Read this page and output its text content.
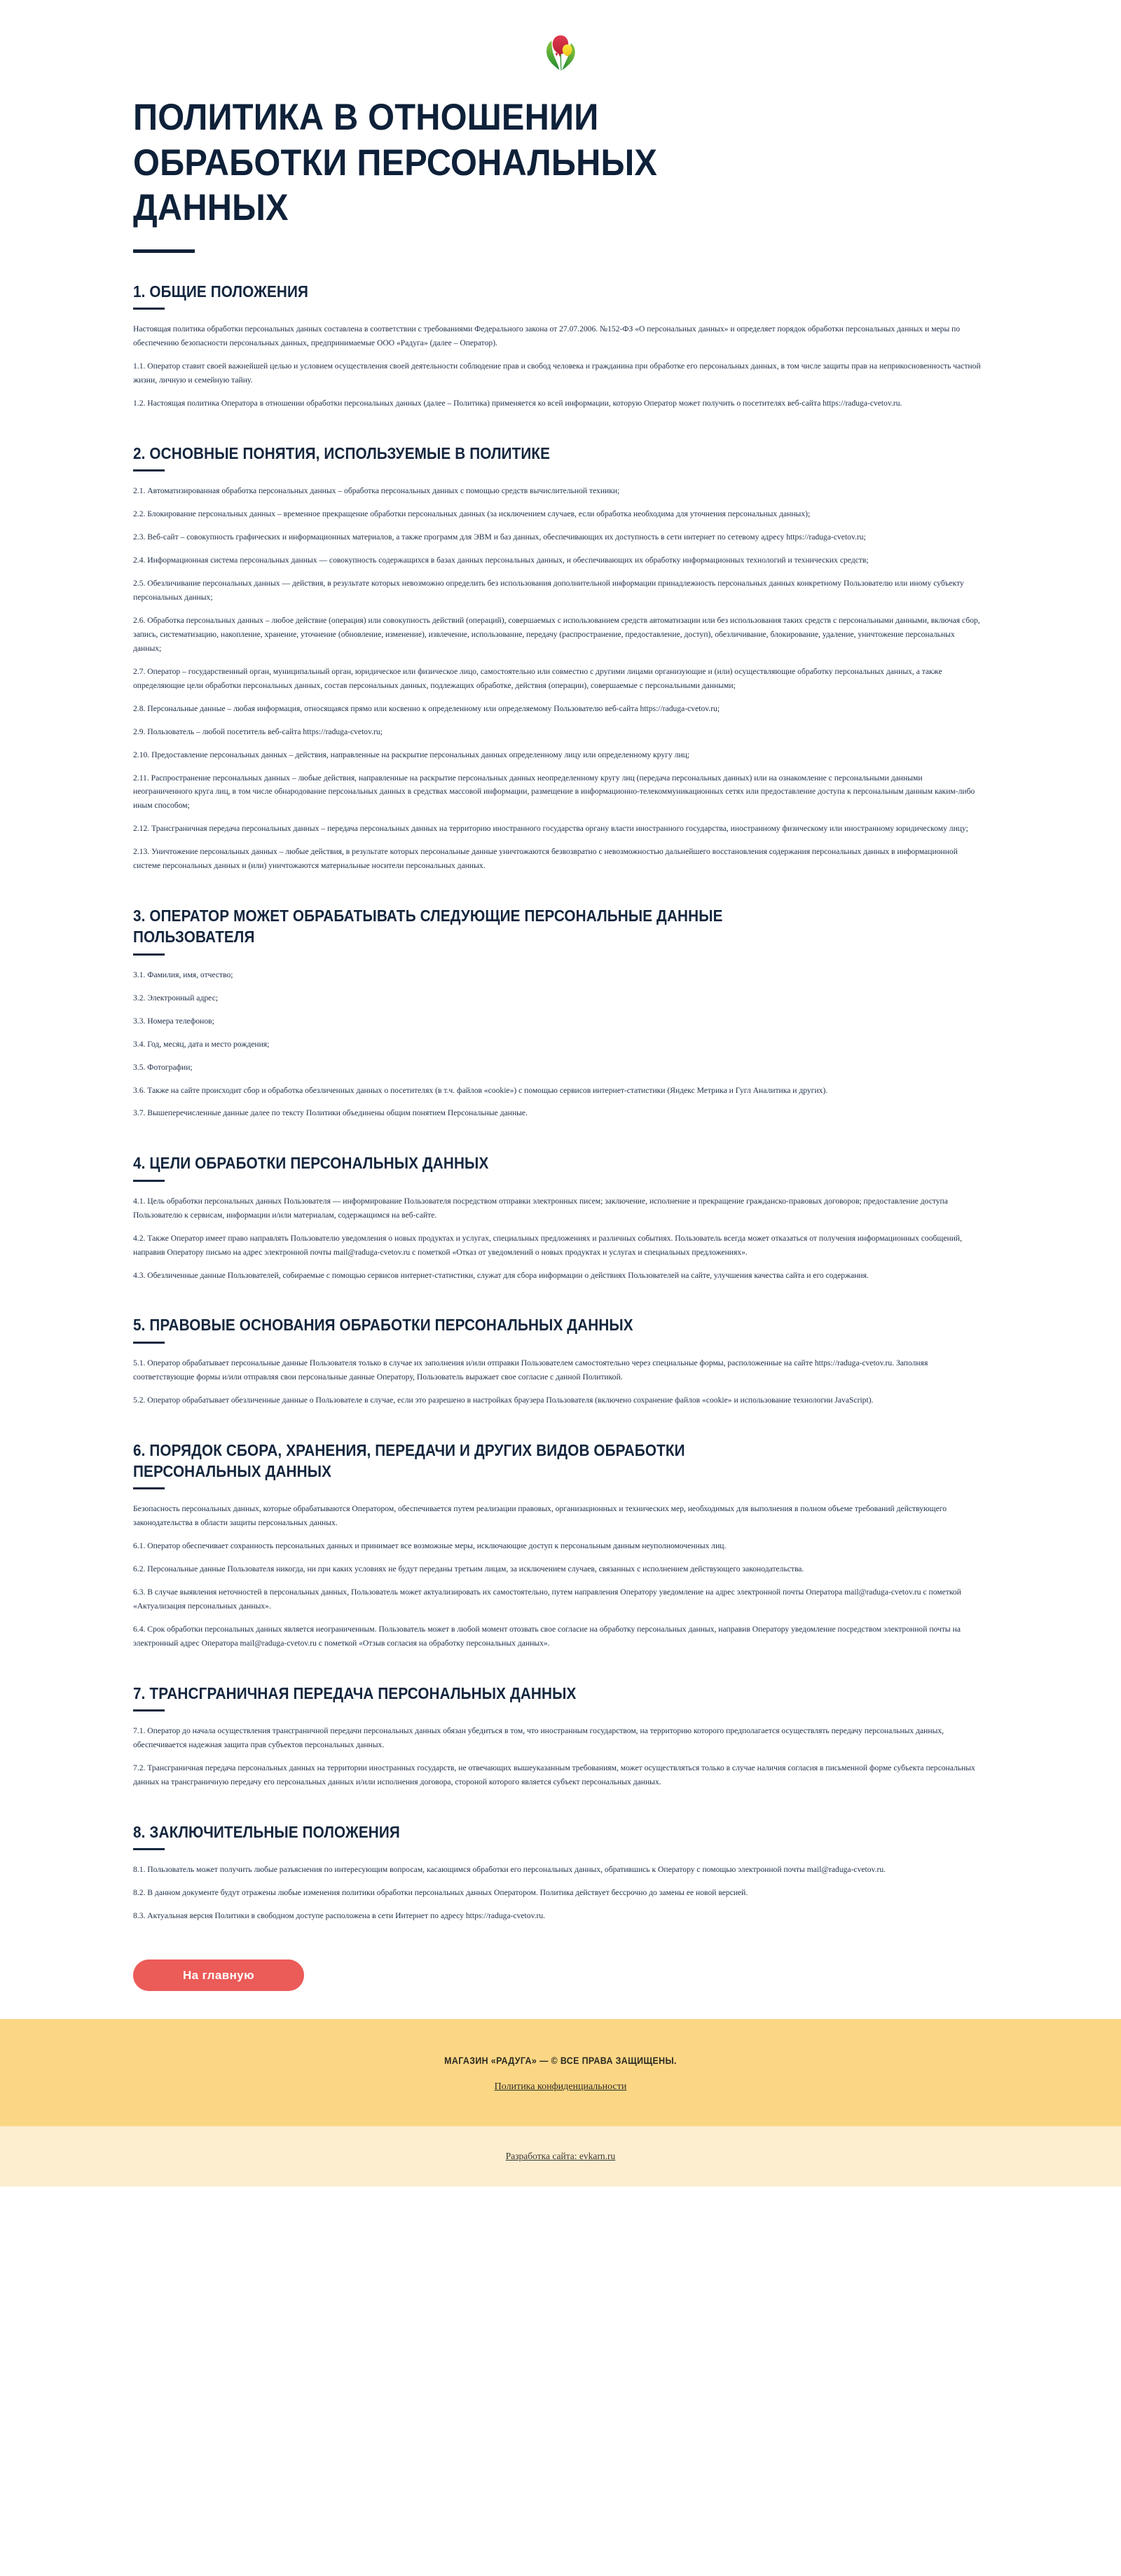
ПОЛИТИКА В ОТНОШЕНИИ ОБРАБОТКИ ПЕРСОНАЛЬНЫХ ДАННЫХ
1. ОБЩИЕ ПОЛОЖЕНИЯ

Настоящая политика обработки персональных данных составлена в соответствии с требованиями Федерального закона от 27.07.2006. №152-ФЗ «О персональных данных» и определяет порядок обработки персональных данных и меры по обеспечению безопасности персональных данных, предпринимаемые ООО «Радуга» (далее – Оператор).

1.1. Оператор ставит своей важнейшей целью и условием осуществления своей деятельности соблюдение прав и свобод человека и гражданина при обработке его персональных данных, в том числе защиты прав на неприкосновенность частной жизни, личную и семейную тайну.

1.2. Настоящая политика Оператора в отношении обработки персональных данных (далее – Политика) применяется ко всей информации, которую Оператор может получить о посетителях веб-сайта https://raduga-cvetov.ru.

2. ОСНОВНЫЕ ПОНЯТИЯ, ИСПОЛЬЗУЕМЫЕ В ПОЛИТИКЕ

2.1. Автоматизированная обработка персональных данных – обработка персональных данных с помощью средств вычислительной техники;

2.2. Блокирование персональных данных – временное прекращение обработки персональных данных (за исключением случаев, если обработка необходима для уточнения персональных данных);

2.3. Веб-сайт – совокупность графических и информационных материалов, а также программ для ЭВМ и баз данных, обеспечивающих их доступность в сети интернет по сетевому адресу https://raduga-cvetov.ru;

2.4. Информационная система персональных данных — совокупность содержащихся в базах данных персональных данных, и обеспечивающих их обработку информационных технологий и технических средств;

2.5. Обезличивание персональных данных — действия, в результате которых невозможно определить без использования дополнительной информации принадлежность персональных данных конкретному Пользователю или иному субъекту персональных данных;

2.6. Обработка персональных данных – любое действие (операция) или совокупность действий (операций), совершаемых с использованием средств автоматизации или без использования таких средств с персональными данными, включая сбор, запись, систематизацию, накопление, хранение, уточнение (обновление, изменение), извлечение, использование, передачу (распространение, предоставление, доступ), обезличивание, блокирование, удаление, уничтожение персональных данных;

2.7. Оператор – государственный орган, муниципальный орган, юридическое или физическое лицо, самостоятельно или совместно с другими лицами организующие и (или) осуществляющие обработку персональных данных, а также определяющие цели обработки персональных данных, состав персональных данных, подлежащих обработке, действия (операции), совершаемые с персональными данными;

2.8. Персональные данные – любая информация, относящаяся прямо или косвенно к определенному или определяемому Пользователю веб-сайта https://raduga-cvetov.ru;

2.9. Пользователь – любой посетитель веб-сайта https://raduga-cvetov.ru;

2.10. Предоставление персональных данных – действия, направленные на раскрытие персональных данных определенному лицу или определенному кругу лиц;

2.11. Распространение персональных данных – любые действия, направленные на раскрытие персональных данных неопределенному кругу лиц (передача персональных данных) или на ознакомление с персональными данными неограниченного круга лиц, в том числе обнародование персональных данных в средствах массовой информации, размещение в информационно-телекоммуникационных сетях или предоставление доступа к персональным данным каким-либо иным способом;

2.12. Трансграничная передача персональных данных – передача персональных данных на территорию иностранного государства органу власти иностранного государства, иностранному физическому или иностранному юридическому лицу;

2.13. Уничтожение персональных данных – любые действия, в результате которых персональные данные уничтожаются безвозвратно с невозможностью дальнейшего восстановления содержания персональных данных в информационной системе персональных данных и (или) уничтожаются материальные носители персональных данных.

3. ОПЕРАТОР МОЖЕТ ОБРАБАТЫВАТЬ СЛЕДУЮЩИЕ ПЕРСОНАЛЬНЫЕ ДАННЫЕ ПОЛЬЗОВАТЕЛЯ

3.1. Фамилия, имя, отчество;

3.2. Электронный адрес;

3.3. Номера телефонов;

3.4. Год, месяц, дата и место рождения;

3.5. Фотографии;

3.6. Также на сайте происходит сбор и обработка обезличенных данных о посетителях (в т.ч. файлов «cookie») с помощью сервисов интернет-статистики (Яндекс Метрика и Гугл Аналитика и других).

3.7. Вышеперечисленные данные далее по тексту Политики объединены общим понятием Персональные данные.

4. ЦЕЛИ ОБРАБОТКИ ПЕРСОНАЛЬНЫХ ДАННЫХ

4.1. Цель обработки персональных данных Пользователя — информирование Пользователя посредством отправки электронных писем; заключение, исполнение и прекращение гражданско-правовых договоров; предоставление доступа Пользователю к сервисам, информации и/или материалам, содержащимся на веб-сайте.

4.2. Также Оператор имеет право направлять Пользователю уведомления о новых продуктах и услугах, специальных предложениях и различных событиях. Пользователь всегда может отказаться от получения информационных сообщений, направив Оператору письмо на адрес электронной почты mail@raduga-cvetov.ru с пометкой «Отказ от уведомлений о новых продуктах и услугах и специальных предложениях».

4.3. Обезличенные данные Пользователей, собираемые с помощью сервисов интернет-статистики, служат для сбора информации о действиях Пользователей на сайте, улучшения качества сайта и его содержания.

5. ПРАВОВЫЕ ОСНОВАНИЯ ОБРАБОТКИ ПЕРСОНАЛЬНЫХ ДАННЫХ

5.1. Оператор обрабатывает персональные данные Пользователя только в случае их заполнения и/или отправки Пользователем самостоятельно через специальные формы, расположенные на сайте https://raduga-cvetov.ru. Заполняя соответствующие формы и/или отправляя свои персональные данные Оператору, Пользователь выражает свое согласие с данной Политикой.

5.2. Оператор обрабатывает обезличенные данные о Пользователе в случае, если это разрешено в настройках браузера Пользователя (включено сохранение файлов «cookie» и использование технологии JavaScript).

6. ПОРЯДОК СБОРА, ХРАНЕНИЯ, ПЕРЕДАЧИ И ДРУГИХ ВИДОВ ОБРАБОТКИ ПЕРСОНАЛЬНЫХ ДАННЫХ

Безопасность персональных данных, которые обрабатываются Оператором, обеспечивается путем реализации правовых, организационных и технических мер, необходимых для выполнения в полном объеме требований действующего законодательства в области защиты персональных данных.

6.1. Оператор обеспечивает сохранность персональных данных и принимает все возможные меры, исключающие доступ к персональным данным неуполномоченных лиц.

6.2. Персональные данные Пользователя никогда, ни при каких условиях не будут переданы третьим лицам, за исключением случаев, связанных с исполнением действующего законодательства.

6.3. В случае выявления неточностей в персональных данных, Пользователь может актуализировать их самостоятельно, путем направления Оператору уведомление на адрес электронной почты Оператора mail@raduga-cvetov.ru с пометкой «Актуализация персональных данных».

6.4. Срок обработки персональных данных является неограниченным. Пользователь может в любой момент отозвать свое согласие на обработку персональных данных, направив Оператору уведомление посредством электронной почты на электронный адрес Оператора mail@raduga-cvetov.ru с пометкой «Отзыв согласия на обработку персональных данных».

7. ТРАНСГРАНИЧНАЯ ПЕРЕДАЧА ПЕРСОНАЛЬНЫХ ДАННЫХ

7.1. Оператор до начала осуществления трансграничной передачи персональных данных обязан убедиться в том, что иностранным государством, на территорию которого предполагается осуществлять передачу персональных данных, обеспечивается надежная защита прав субъектов персональных данных.

7.2. Трансграничная передача персональных данных на территории иностранных государств, не отвечающих вышеуказанным требованиям, может осуществляться только в случае наличия согласия в письменной форме субъекта персональных данных на трансграничную передачу его персональных данных и/или исполнения договора, стороной которого является субъект персональных данных.

8. ЗАКЛЮЧИТЕЛЬНЫЕ ПОЛОЖЕНИЯ

8.1. Пользователь может получить любые разъяснения по интересующим вопросам, касающимся обработки его персональных данных, обратившись к Оператору с помощью электронной почты mail@raduga-cvetov.ru.

8.2. В данном документе будут отражены любые изменения политики обработки персональных данных Оператором. Политика действует бессрочно до замены ее новой версией.

8.3. Актуальная версия Политики в свободном доступе расположена в сети Интернет по адресу https://raduga-cvetov.ru.

На главную
МАГАЗИН «РАДУГА» — © ВСЕ ПРАВА ЗАЩИЩЕНЫ.
Политика конфиденциальности
Разработка сайта: evkarn.ru
